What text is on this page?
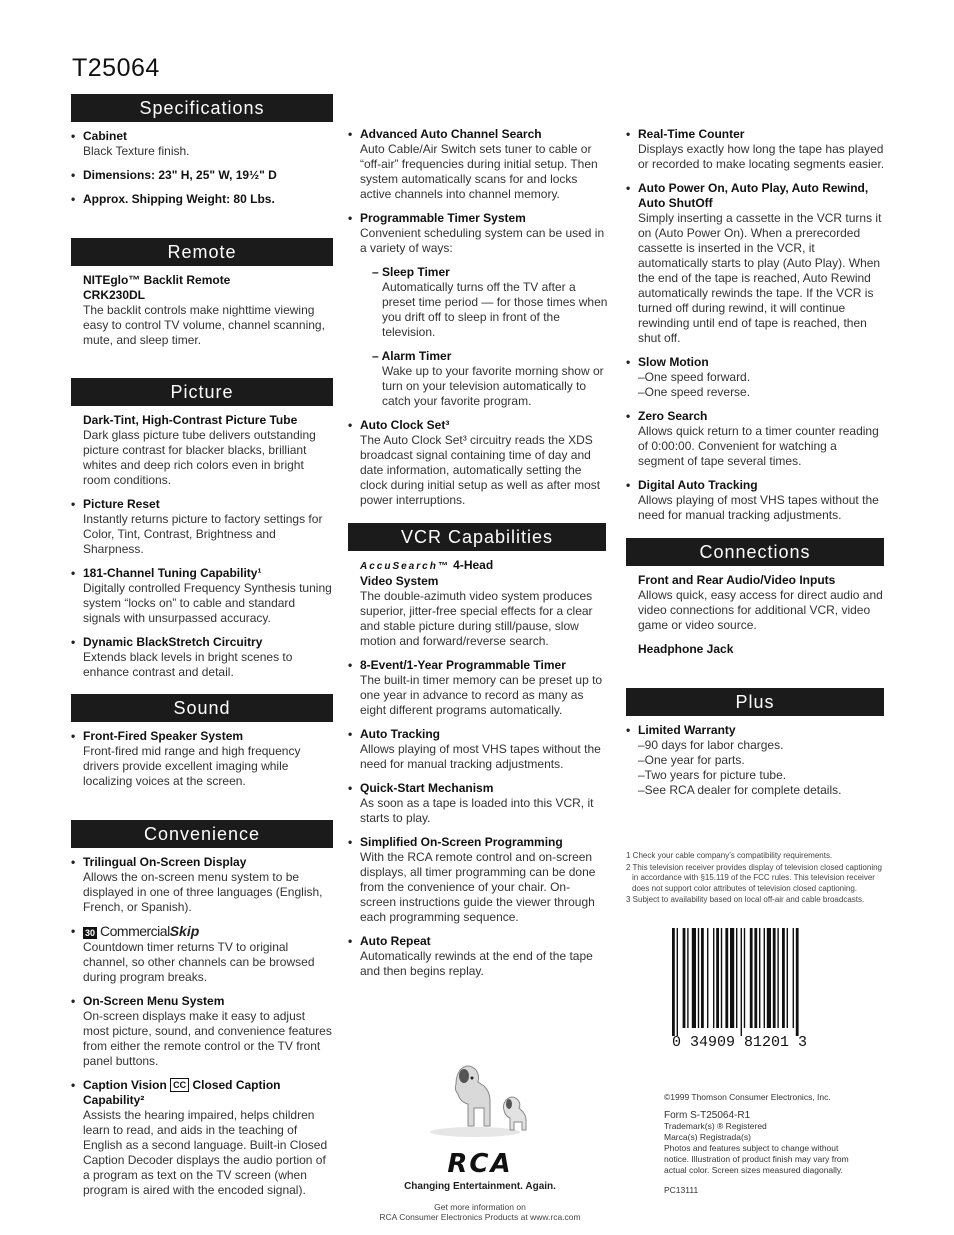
T25064
Specifications
• Cabinet
Black Texture finish.
• Dimensions: 23" H, 25" W, 19½" D
• Approx. Shipping Weight: 80 Lbs.
Remote
NITEglo™ Backlit Remote
CRK230DL
The backlit controls make nighttime viewing easy to control TV volume, channel scanning, mute, and sleep timer.
Picture
Dark-Tint, High-Contrast Picture Tube
Dark glass picture tube delivers outstanding picture contrast for blacker blacks, brilliant whites and deep rich colors even in bright room conditions.
• Picture Reset
Instantly returns picture to factory settings for Color, Tint, Contrast, Brightness and Sharpness.
• 181-Channel Tuning Capability¹
Digitally controlled Frequency Synthesis tuning system “locks on” to cable and standard signals with unsurpassed accuracy.
• Dynamic BlackStretch Circuitry
Extends black levels in bright scenes to enhance contrast and detail.
Sound
• Front-Fired Speaker System
Front-fired mid range and high frequency drivers provide excellent imaging while localizing voices at the screen.
Convenience
• Trilingual On-Screen Display
Allows the on-screen menu system to be displayed in one of three languages (English, French, or Spanish).
• 30 CommercialSkip
Countdown timer returns TV to original channel, so other channels can be browsed during program breaks.
• On-Screen Menu System
On-screen displays make it easy to adjust most picture, sound, and convenience features from either the remote control or the TV front panel buttons.
• Caption Vision CC Closed Caption Capability²
Assists the hearing impaired, helps children learn to read, and aids in the teaching of English as a second language. Built-in Closed Caption Decoder displays the audio portion of a program as text on the TV screen (when program is aired with the encoded signal).
• Advanced Auto Channel Search
Auto Cable/Air Switch sets tuner to cable or “off-air” frequencies during initial setup. Then system automatically scans for and locks active channels into channel memory.
• Programmable Timer System
Convenient scheduling system can be used in a variety of ways:
– Sleep Timer
Automatically turns off the TV after a preset time period — for those times when you drift off to sleep in front of the television.
– Alarm Timer
Wake up to your favorite morning show or turn on your television automatically to catch your favorite program.
• Auto Clock Set³
The Auto Clock Set³ circuitry reads the XDS broadcast signal containing time of day and date information, automatically setting the clock during initial setup as well as after most power interruptions.
VCR Capabilities
AccuSearch™ 4-Head
Video System
The double-azimuth video system produces superior, jitter-free special effects for a clear and stable picture during still/pause, slow motion and forward/reverse search.
• 8-Event/1-Year Programmable Timer
The built-in timer memory can be preset up to one year in advance to record as many as eight different programs automatically.
• Auto Tracking
Allows playing of most VHS tapes without the need for manual tracking adjustments.
• Quick-Start Mechanism
As soon as a tape is loaded into this VCR, it starts to play.
• Simplified On-Screen Programming
With the RCA remote control and on-screen displays, all timer programming can be done from the convenience of your chair. On-screen instructions guide the viewer through each programming sequence.
• Auto Repeat
Automatically rewinds at the end of the tape and then begins replay.
• Real-Time Counter
Displays exactly how long the tape has played or recorded to make locating segments easier.
• Auto Power On, Auto Play, Auto Rewind, Auto ShutOff
Simply inserting a cassette in the VCR turns it on (Auto Power On). When a prerecorded cassette is inserted in the VCR, it automatically starts to play (Auto Play). When the end of the tape is reached, Auto Rewind automatically rewinds the tape. If the VCR is turned off during rewind, it will continue rewinding until end of tape is reached, then shut off.
• Slow Motion
–One speed forward.
–One speed reverse.
• Zero Search
Allows quick return to a timer counter reading of 0:00:00. Convenient for watching a segment of tape several times.
• Digital Auto Tracking
Allows playing of most VHS tapes without the need for manual tracking adjustments.
Connections
Front and Rear Audio/Video Inputs
Allows quick, easy access for direct audio and video connections for additional VCR, video game or video source.
Headphone Jack
Plus
• Limited Warranty
–90 days for labor charges.
–One year for parts.
–Two years for picture tube.
–See RCA dealer for complete details.
1 Check your cable company’s compatibility requirements.
2 This television receiver provides display of television closed captioning in accordance with §15.119 of the FCC rules. This television receiver does not support color attributes of television closed captioning.
3 Subject to availability based on local off-air and cable broadcasts.
0 34909 81201 3
RCA
Changing Entertainment. Again.
Get more information on
RCA Consumer Electronics Products at www.rca.com
©1999 Thomson Consumer Electronics, Inc.
Form S-T25064-R1
Trademark(s) ® Registered
Marca(s) Registrada(s)
Photos and features subject to change without notice. Illustration of product finish may vary from actual color. Screen sizes measured diagonally.
PC13111
